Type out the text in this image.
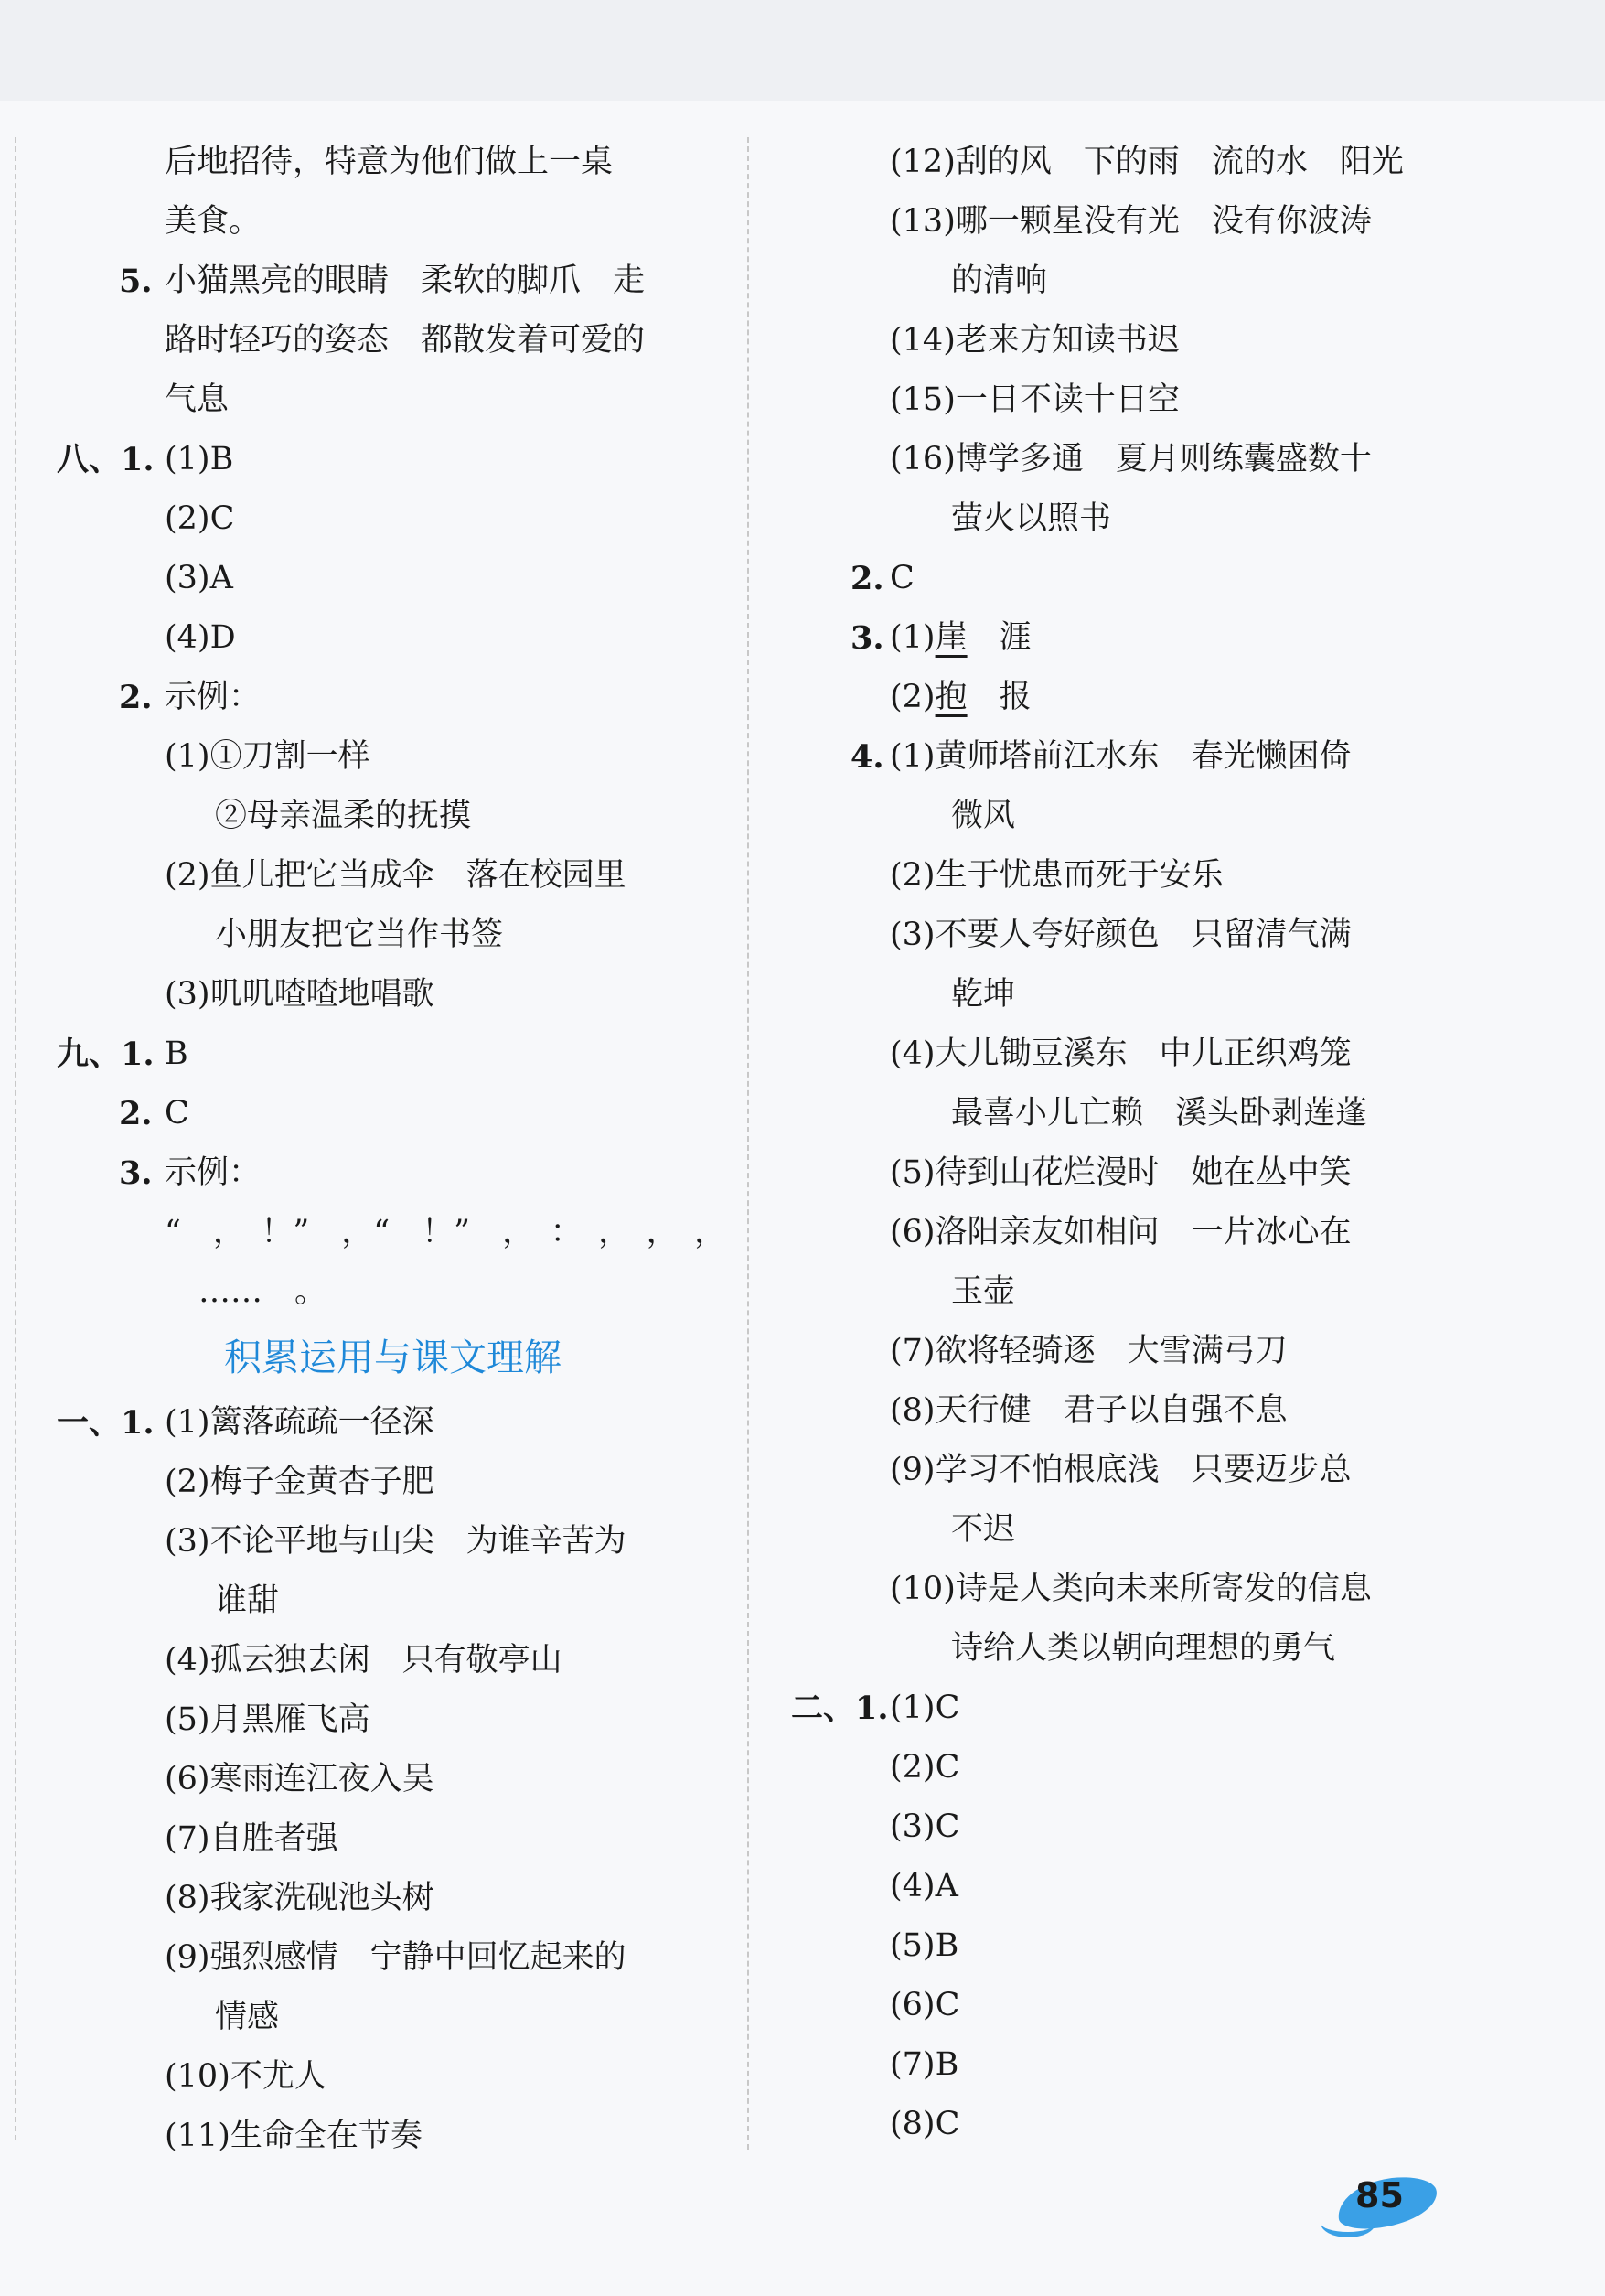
后地招待，特意为他们做上一桌
美食。
5. 小猫黑亮的眼睛　柔软的脚爪　走
路时轻巧的姿态　都散发着可爱的
气息
八、1. (1)B
(2)C
(3)A
(4)D
2. 示例：
(1)①刀割一样
②母亲温柔的抚摸
(2)鱼儿把它当成伞　落在校园里
小朋友把它当作书签
(3)叽叽喳喳地唱歌
九、1. B
2. C
3. 示例：
“　，　！”　，“　！”　，　：　，　，　，
……　。
积累运用与课文理解
一、1. (1)篱落疏疏一径深
(2)梅子金黄杏子肥
(3)不论平地与山尖　为谁辛苦为
谁甜
(4)孤云独去闲　只有敬亭山
(5)月黑雁飞高
(6)寒雨连江夜入吴
(7)自胜者强
(8)我家洗砚池头树
(9)强烈感情　宁静中回忆起来的
情感
(10)不尤人
(11)生命全在节奏
(12)刮的风　下的雨　流的水　阳光
(13)哪一颗星没有光　没有你波涛
的清响
(14)老来方知读书迟
(15)一日不读十日空
(16)博学多通　夏月则练囊盛数十
萤火以照书
2. C
3. (1)崖　涯
(2)抱　报
4. (1)黄师塔前江水东　春光懒困倚
微风
(2)生于忧患而死于安乐
(3)不要人夸好颜色　只留清气满
乾坤
(4)大儿锄豆溪东　中儿正织鸡笼
最喜小儿亡赖　溪头卧剥莲蓬
(5)待到山花烂漫时　她在丛中笑
(6)洛阳亲友如相问　一片冰心在
玉壶
(7)欲将轻骑逐　大雪满弓刀
(8)天行健　君子以自强不息
(9)学习不怕根底浅　只要迈步总
不迟
(10)诗是人类向未来所寄发的信息
诗给人类以朝向理想的勇气
二、1. (1)C
(2)C
(3)C
(4)A
(5)B
(6)C
(7)B
(8)C
85
